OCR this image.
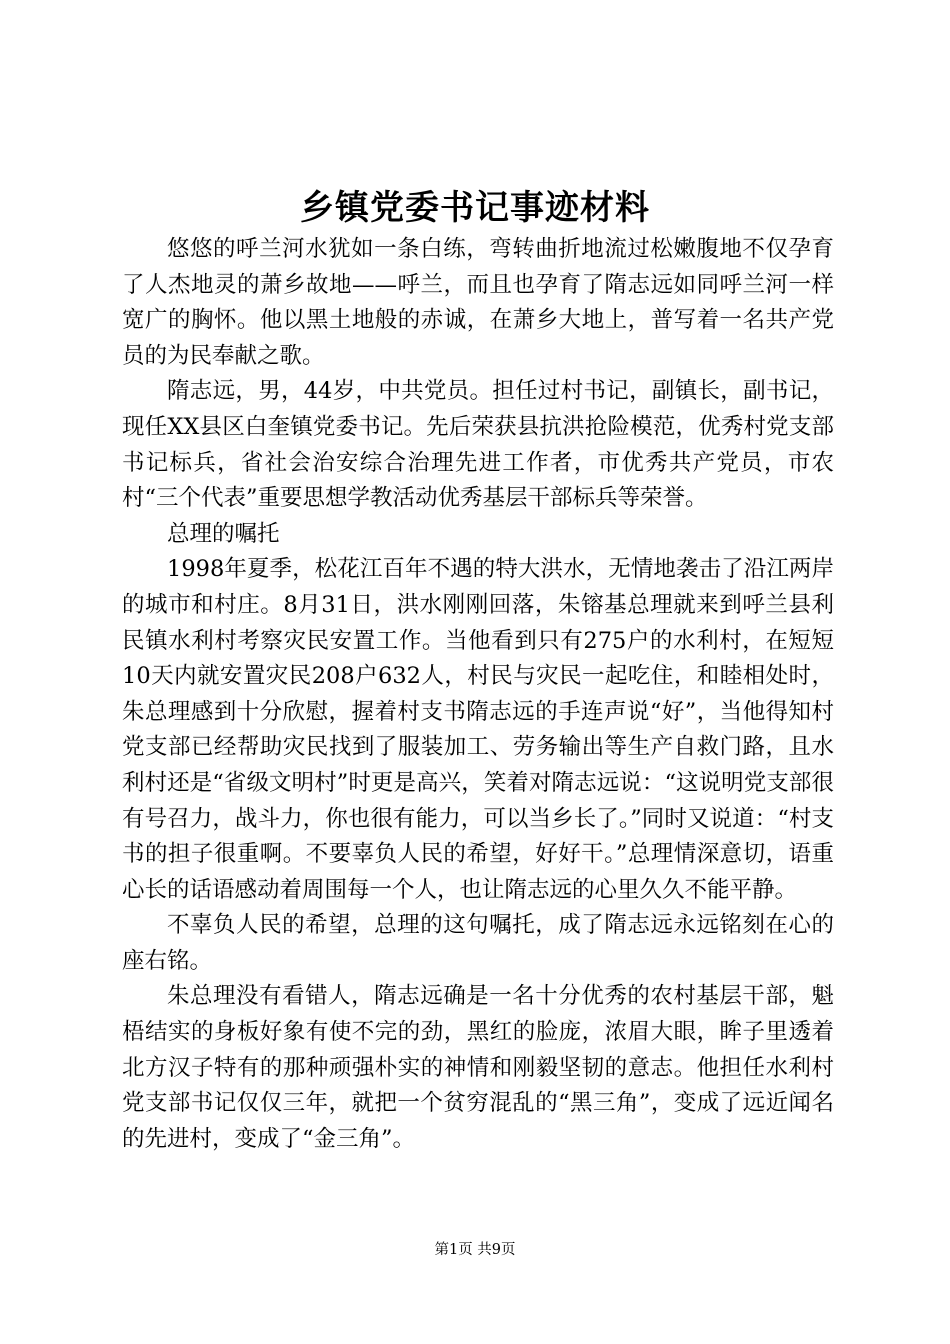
乡镇党委书记事迹材料

悠悠的呼兰河水犹如一条白练，弯转曲折地流过松嫩腹地不仅孕育了人杰地灵的萧乡故地——呼兰，而且也孕育了隋志远如同呼兰河一样宽广的胸怀。他以黑土地般的赤诚，在萧乡大地上，普写着一名共产党员的为民奉献之歌。

隋志远，男，44岁，中共党员。担任过村书记，副镇长，副书记，现任XX县区白奎镇党委书记。先后荣获县抗洪抢险模范，优秀村党支部书记标兵，省社会治安综合治理先进工作者，市优秀共产党员，市农村“三个代表”重要思想学教活动优秀基层干部标兵等荣誉。

总理的嘱托

1998年夏季，松花江百年不遇的特大洪水，无情地袭击了沿江两岸的城市和村庄。8月31日，洪水刚刚回落，朱镕基总理就来到呼兰县利民镇水利村考察灾民安置工作。当他看到只有275户的水利村，在短短10天内就安置灾民208户632人，村民与灾民一起吃住，和睦相处时，朱总理感到十分欣慰，握着村支书隋志远的手连声说“好”，当他得知村党支部已经帮助灾民找到了服装加工、劳务输出等生产自救门路，且水利村还是“省级文明村”时更是高兴，笑着对隋志远说：“这说明党支部很有号召力，战斗力，你也很有能力，可以当乡长了。”同时又说道：“村支书的担子很重啊。不要辜负人民的希望，好好干。”总理情深意切，语重心长的话语感动着周围每一个人，也让隋志远的心里久久不能平静。

不辜负人民的希望，总理的这句嘱托，成了隋志远永远铭刻在心的座右铭。

朱总理没有看错人，隋志远确是一名十分优秀的农村基层干部，魁梧结实的身板好象有使不完的劲，黑红的脸庞，浓眉大眼，眸子里透着北方汉子特有的那种顽强朴实的神情和刚毅坚韧的意志。他担任水利村党支部书记仅仅三年，就把一个贫穷混乱的“黑三角”，变成了远近闻名的先进村，变成了“金三角”。

第1页 共9页
